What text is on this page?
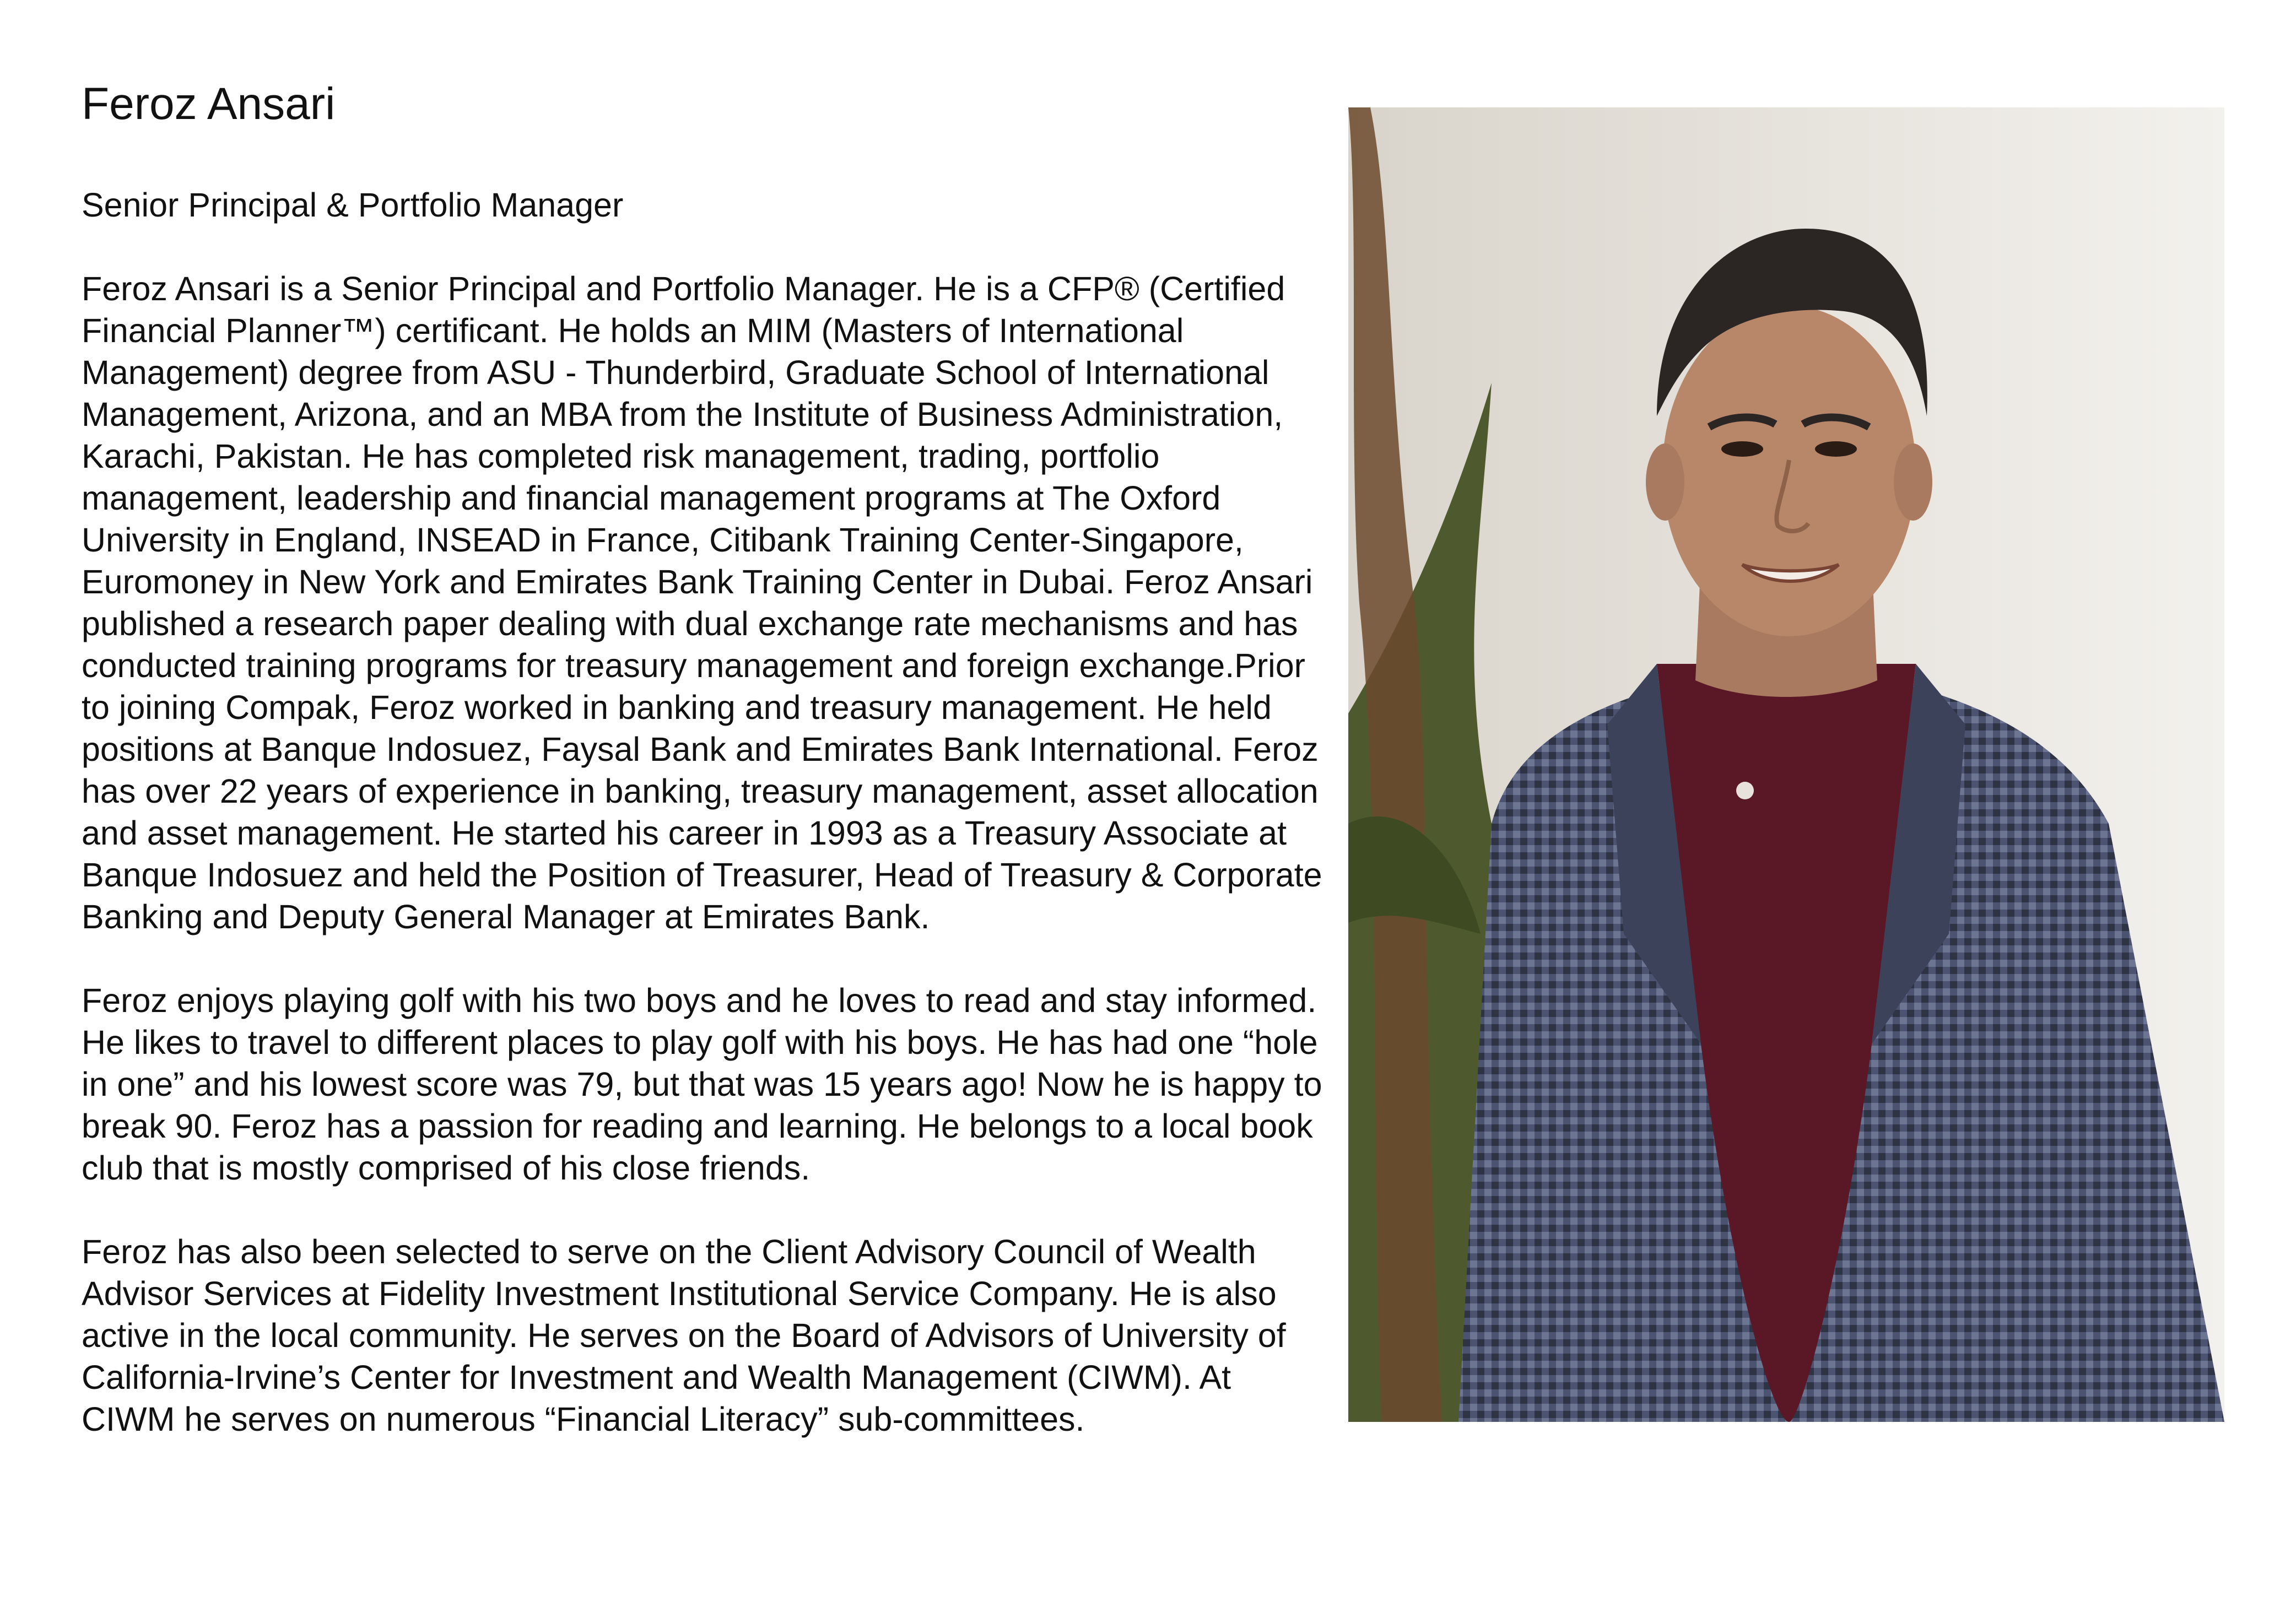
Feroz Ansari
Senior Principal & Portfolio Manager

Feroz Ansari is a Senior Principal and Portfolio Manager. He is a CFP® (Certified Financial Planner™) certificant. He holds an MIM (Masters of International Management) degree from ASU - Thunderbird, Graduate School of International Management, Arizona, and an MBA from the Institute of Business Administration, Karachi, Pakistan. He has completed risk management, trading, portfolio management, leadership and financial management programs at The Oxford University in England, INSEAD in France, Citibank Training Center-Singapore, Euromoney in New York and Emirates Bank Training Center in Dubai. Feroz Ansari published a research paper dealing with dual exchange rate mechanisms and has conducted training programs for treasury management and foreign exchange.Prior to joining Compak, Feroz worked in banking and treasury management. He held positions at Banque Indosuez, Faysal Bank and Emirates Bank International. Feroz has over 22 years of experience in banking, treasury management, asset allocation and asset management. He started his career in 1993 as a Treasury Associate at Banque Indosuez and held the Position of Treasurer, Head of Treasury & Corporate Banking and Deputy General Manager at Emirates Bank.

Feroz enjoys playing golf with his two boys and he loves to read and stay informed. He likes to travel to different places to play golf with his boys. He has had one “hole in one” and his lowest score was 79, but that was 15 years ago! Now he is happy to break 90. Feroz has a passion for reading and learning. He belongs to a local book club that is mostly comprised of his close friends.

Feroz has also been selected to serve on the Client Advisory Council of Wealth Advisor Services at Fidelity Investment Institutional Service Company. He is also active in the local community. He serves on the Board of Advisors of University of California-Irvine’s Center for Investment and Wealth Management (CIWM). At CIWM he serves on numerous “Financial Literacy” sub-committees.
